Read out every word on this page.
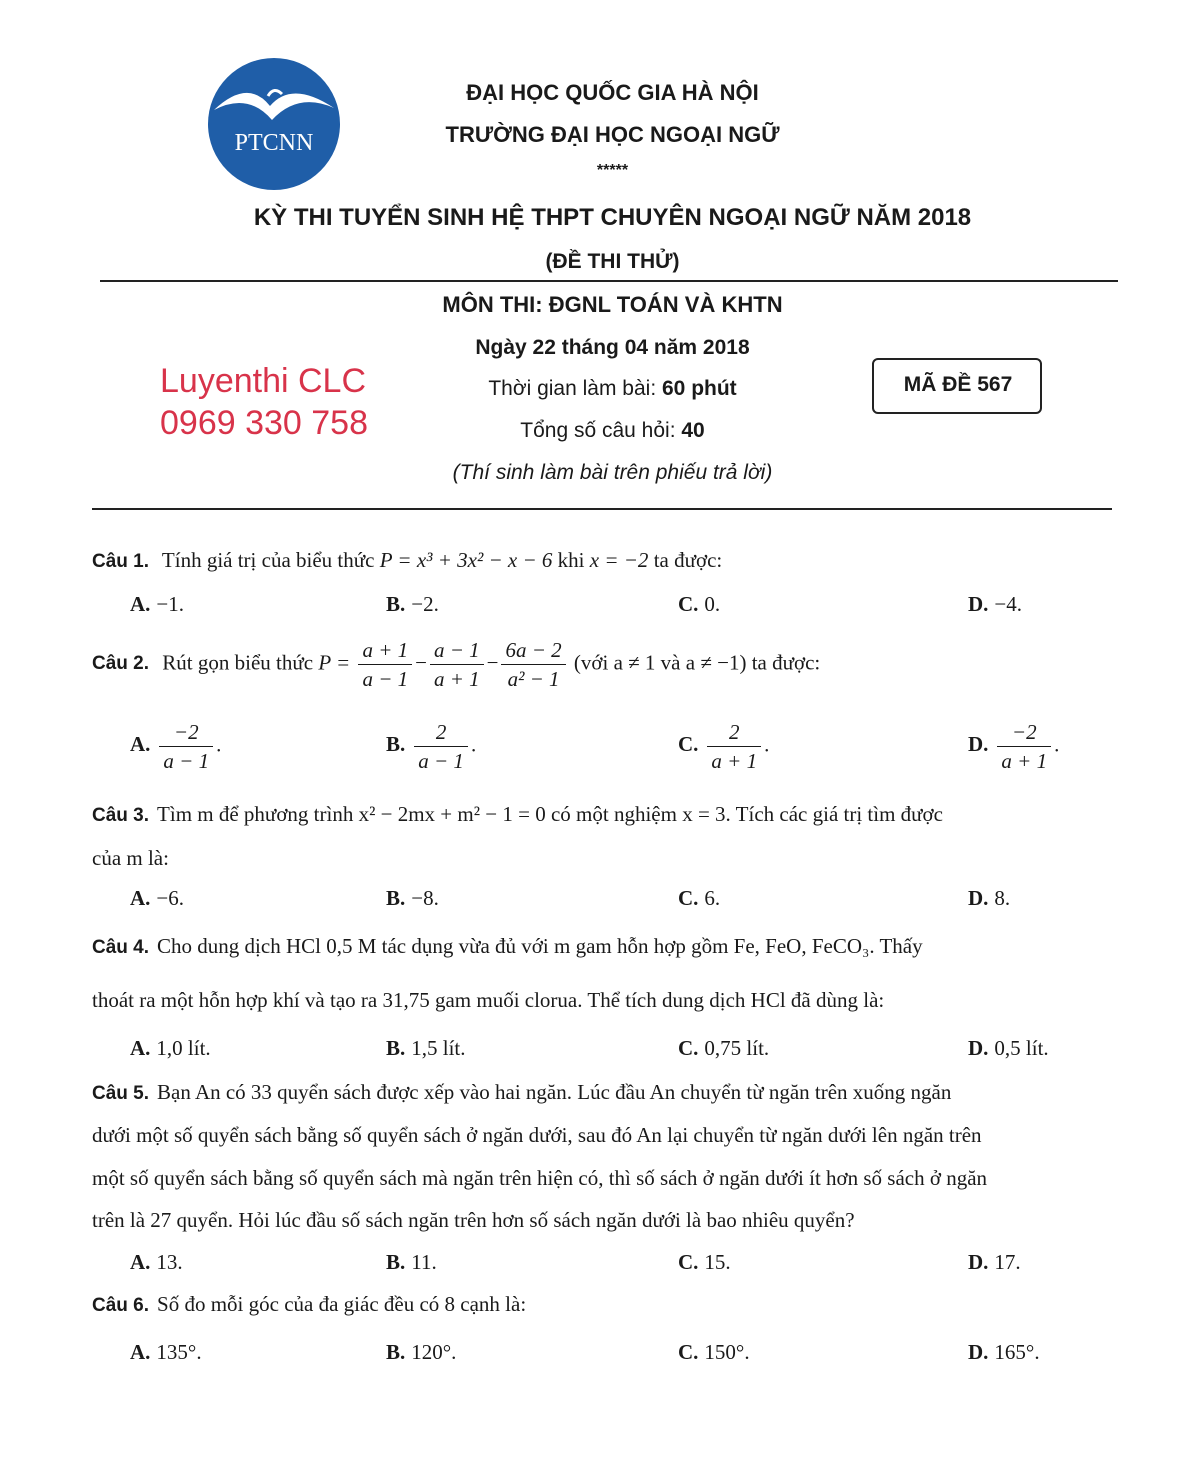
PTCNN
ĐẠI HỌC QUỐC GIA HÀ NỘI
TRƯỜNG ĐẠI HỌC NGOẠI NGỮ
*****
KỲ THI TUYỂN SINH HỆ THPT CHUYÊN NGOẠI NGỮ NĂM 2018
(ĐỀ THI THỬ)
MÔN THI: ĐGNL TOÁN VÀ KHTN
Ngày 22 tháng 04 năm 2018
Thời gian làm bài: 60 phút
Tổng số câu hỏi: 40
(Thí sinh làm bài trên phiếu trả lời)
MÃ ĐỀ 567
Luyenthi CLC
0969 330 758
Câu 1. Tính giá trị của biểu thức P = x³ + 3x² − x − 6 khi x = −2 ta được:
A. −1.	B. −2.	C. 0.	D. −4.
Câu 2. Rút gọn biểu thức $P = \frac{a + 1}{a - 1} - \frac{a - 1}{a + 1} - \frac{6a - 2}{\text{a² − 1}}$ (với a ≠ 1 và a ≠ −1) ta được:
A. $\frac{-2}{a - 1}$ .	B. $\frac{2}{a - 1}$ .	C. $\frac{2}{a + 1}$ .	D. $\frac{-2}{a + 1}$ .
Câu 3. Tìm m để phương trình x² − 2mx + m² − 1 = 0 có một nghiệm x = 3. Tích các giá trị tìm được
của m là:
A. −6.	B. −8.	C. 6.	D. 8.
Câu 4. Cho dung dịch HCl 0,5 M tác dụng vừa đủ với m gam hỗn hợp gồm Fe, FeO, FeCO₃. Thấy
thoát ra một hỗn hợp khí và tạo ra 31,75 gam muối clorua. Thể tích dung dịch HCl đã dùng là:
A. 1,0 lít.	B. 1,5 lít.	C. 0,75 lít.	D. 0,5 lít.
Câu 5. Bạn An có 33 quyển sách được xếp vào hai ngăn. Lúc đầu An chuyển từ ngăn trên xuống ngăn
dưới một số quyển sách bằng số quyển sách ở ngăn dưới, sau đó An lại chuyển từ ngăn dưới lên ngăn trên
một số quyển sách bằng số quyển sách mà ngăn trên hiện có, thì số sách ở ngăn dưới ít hơn số sách ở ngăn
trên là 27 quyển. Hỏi lúc đầu số sách ngăn trên hơn số sách ngăn dưới là bao nhiêu quyển?
A. 13.	B. 11.	C. 15.	D. 17.
Câu 6. Số đo mỗi góc của đa giác đều có 8 cạnh là:
A. 135°.	B. 120°.	C. 150°.	D. 165°.
